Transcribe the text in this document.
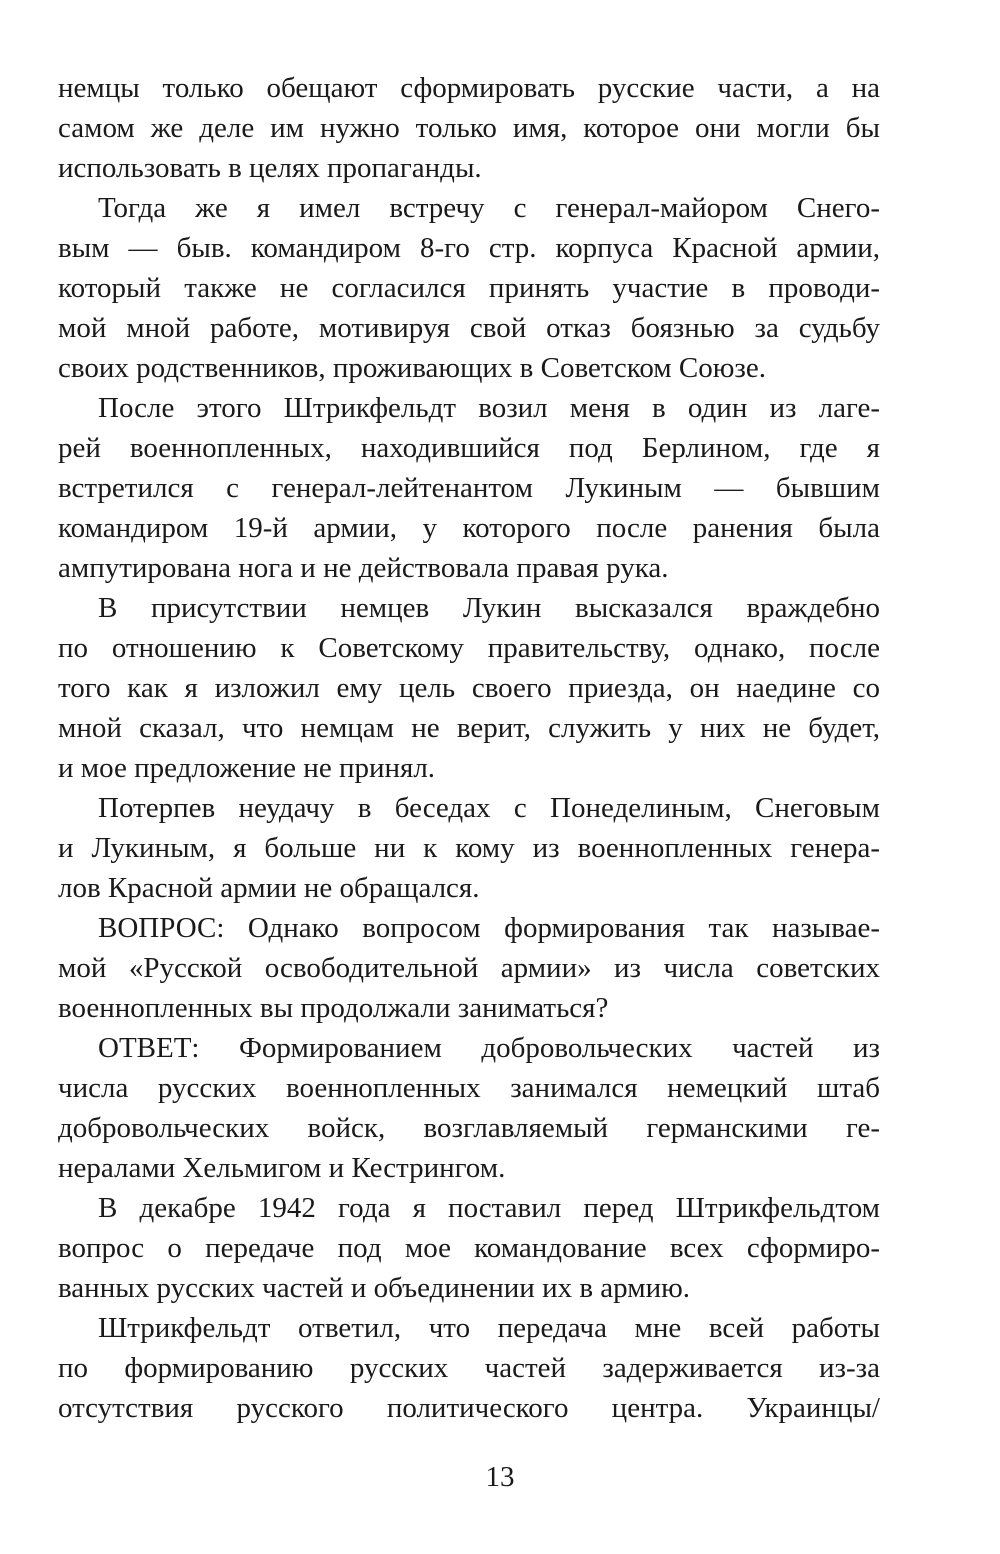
немцы только обещают сформировать русские части, а на
самом же деле им нужно только имя, которое они могли бы
использовать в целях пропаганды.
Тогда же я имел встречу с генерал-майором Снего-
вым — быв. командиром 8-го стр. корпуса Красной армии,
который также не согласился принять участие в проводи-
мой мной работе, мотивируя свой отказ боязнью за судьбу
своих родственников, проживающих в Советском Союзе.
После этого Штрикфельдт возил меня в один из лаге-
рей военнопленных, находившийся под Берлином, где я
встретился с генерал-лейтенантом Лукиным — бывшим
командиром 19-й армии, у которого после ранения была
ампутирована нога и не действовала правая рука.
В присутствии немцев Лукин высказался враждебно
по отношению к Советскому правительству, однако, после
того как я изложил ему цель своего приезда, он наедине со
мной сказал, что немцам не верит, служить у них не будет,
и мое предложение не принял.
Потерпев неудачу в беседах с Понеделиным, Снеговым
и Лукиным, я больше ни к кому из военнопленных генера-
лов Красной армии не обращался.
ВОПРОС: Однако вопросом формирования так называе-
мой «Русской освободительной армии» из числа советских
военнопленных вы продолжали заниматься?
ОТВЕТ: Формированием добровольческих частей из
числа русских военнопленных занимался немецкий штаб
добровольческих войск, возглавляемый германскими ге-
нералами Хельмигом и Кестрингом.
В декабре 1942 года я поставил перед Штрикфельдтом
вопрос о передаче под мое командование всех сформиро-
ванных русских частей и объединении их в армию.
Штрикфельдт ответил, что передача мне всей работы
по формированию русских частей задерживается из-за
отсутствия русского политического центра. Украинцы/
13
